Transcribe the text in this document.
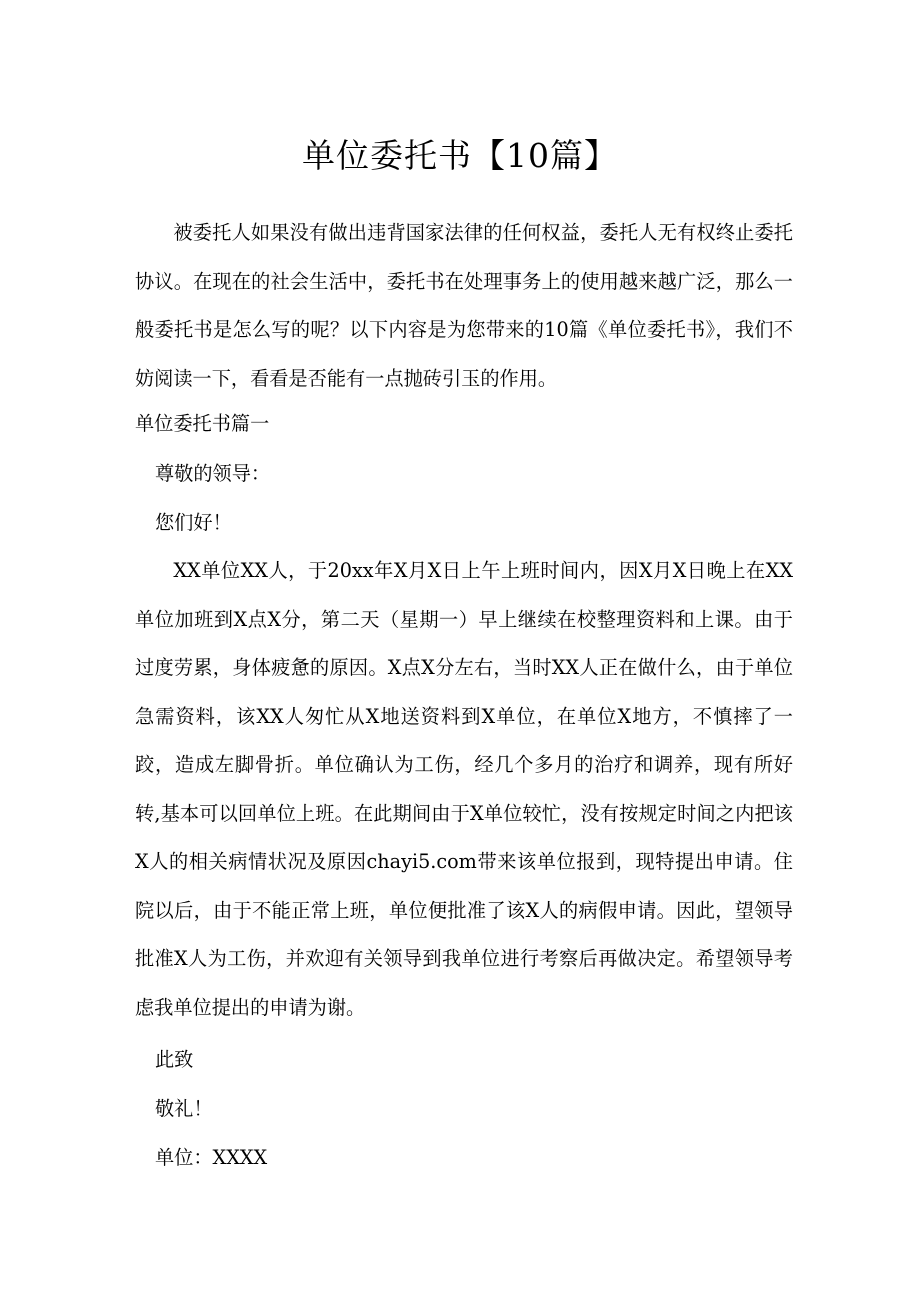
单位委托书【10篇】

被委托人如果没有做出违背国家法律的任何权益，委托人无有权终止委托协议。在现在的社会生活中，委托书在处理事务上的使用越来越广泛，那么一般委托书是怎么写的呢？以下内容是为您带来的10篇《单位委托书》，我们不妨阅读一下，看看是否能有一点抛砖引玉的作用。

单位委托书篇一
尊敬的领导：
您们好！

XX单位XX人，于20xx年X月X日上午上班时间内，因X月X日晚上在XX单位加班到X点X分，第二天（星期一）早上继续在校整理资料和上课。由于过度劳累，身体疲惫的原因。X点X分左右，当时XX人正在做什么，由于单位急需资料，该XX人匆忙从X地送资料到X单位，在单位X地方，不慎摔了一跤，造成左脚骨折。单位确认为工伤，经几个多月的治疗和调养，现有所好转,基本可以回单位上班。在此期间由于X单位较忙，没有按规定时间之内把该X人的相关病情状况及原因chayi5.com带来该单位报到，现特提出申请。住院以后，由于不能正常上班，单位便批准了该X人的病假申请。因此，望领导批准X人为工伤，并欢迎有关领导到我单位进行考察后再做决定。希望领导考虑我单位提出的申请为谢。

此致
敬礼！
单位：XXXX
